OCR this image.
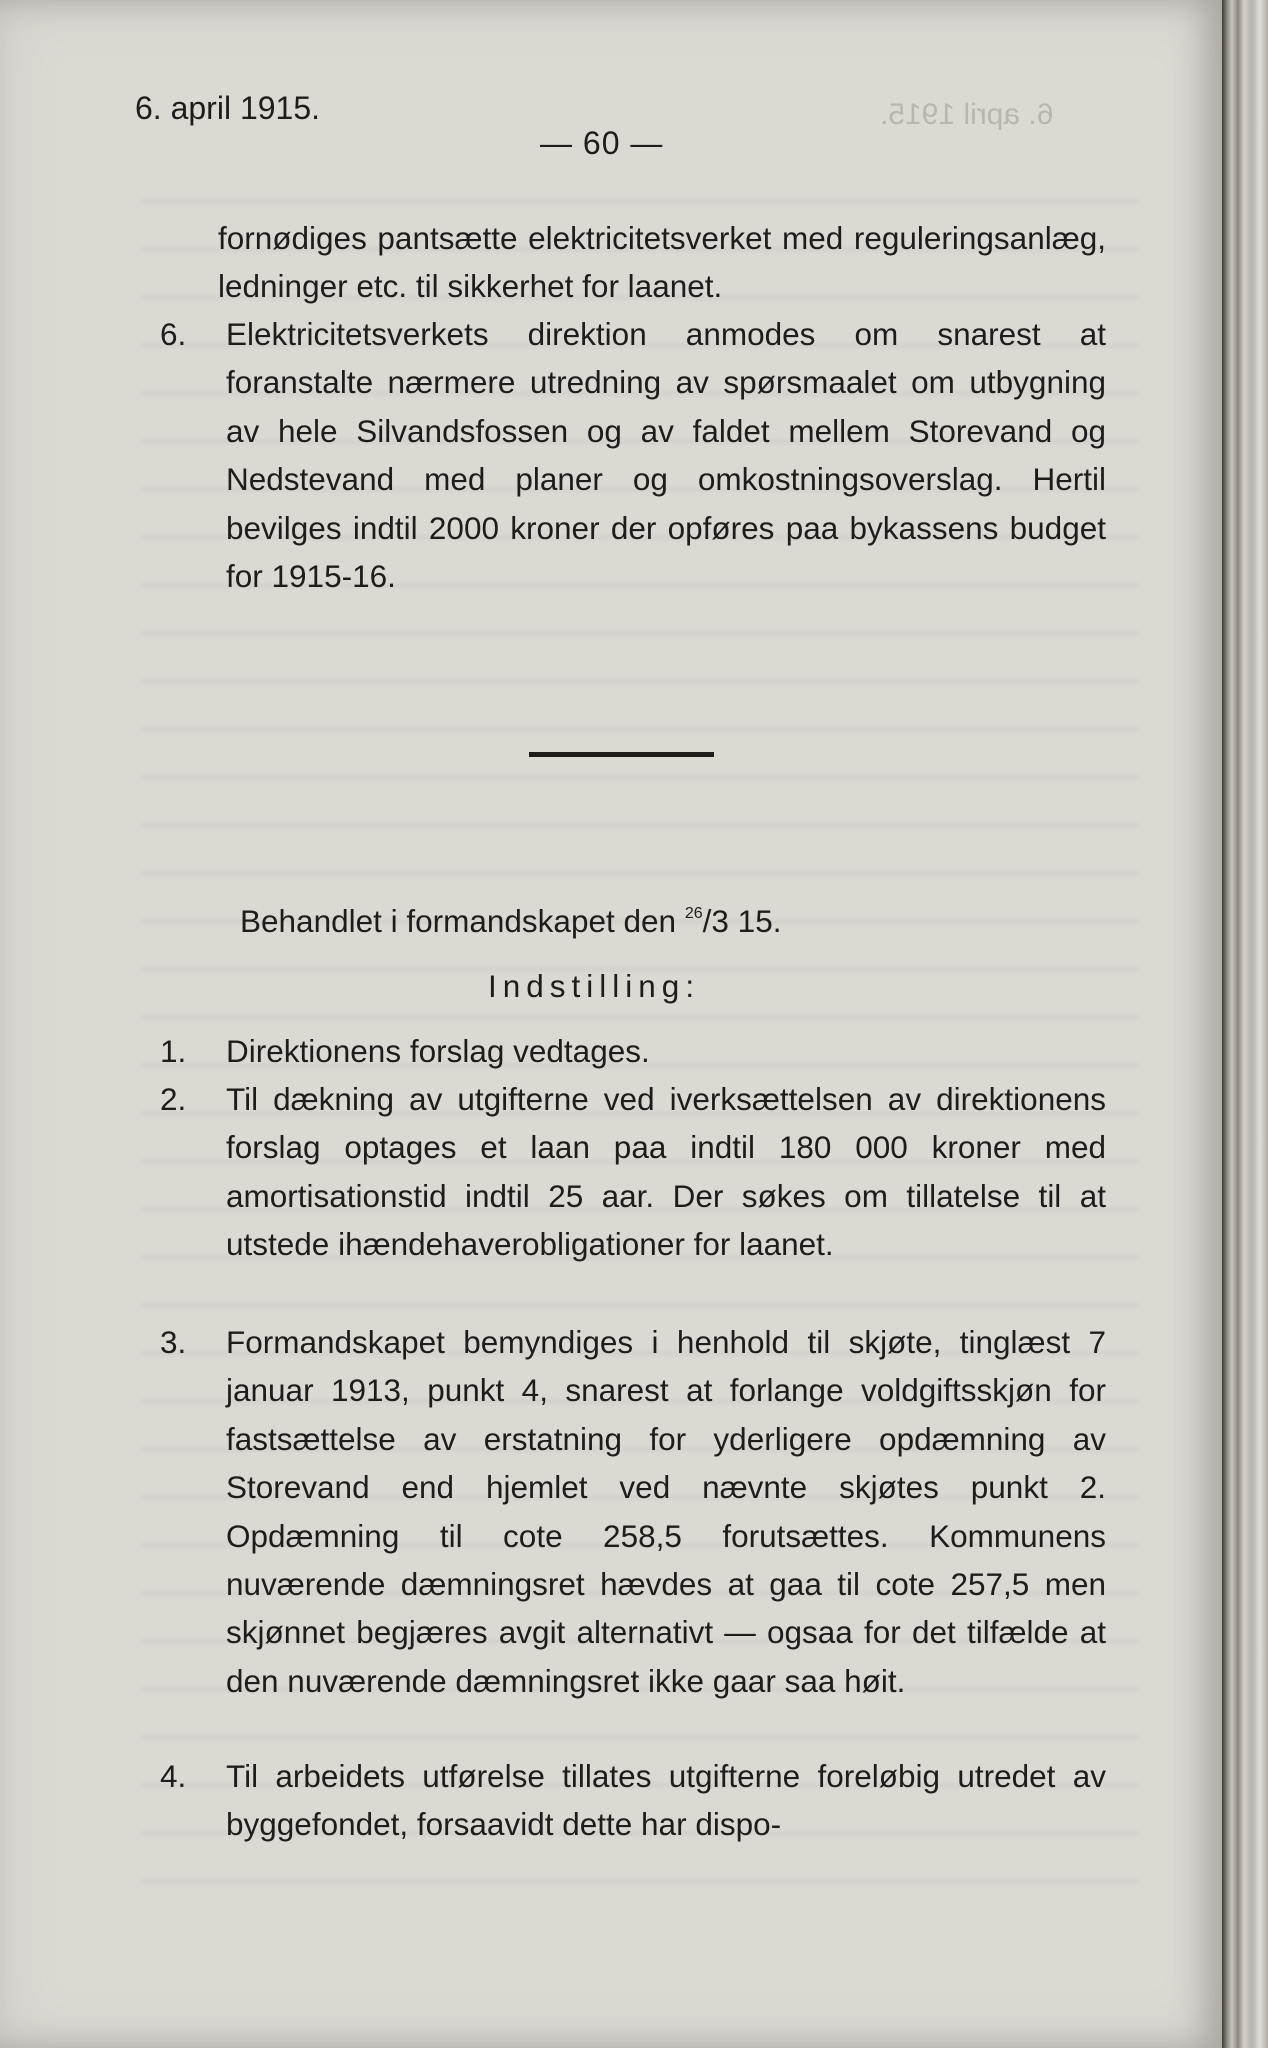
6. april 1915.
— 60 —
6. april 1915.
fornødiges pantsætte elektricitetsverket med reguleringsanlæg, ledninger etc. til sikkerhet for laanet.
6.	Elektricitetsverkets direktion anmodes om snarest at foranstalte nærmere utredning av spørsmaalet om utbygning av hele Silvandsfossen og av faldet mellem Storevand og Nedstevand med planer og omkostningsoverslag. Hertil bevilges indtil 2000 kroner der opføres paa bykassens budget for 1915-16.
Behandlet i formandskapet den $^{26}$/3 15.
Indstilling:
1.	Direktionens forslag vedtages.
2.	Til dækning av utgifterne ved iverksættelsen av direktionens forslag optages et laan paa indtil 180 000 kroner med amortisationstid indtil 25 aar. Der søkes om tillatelse til at utstede ihændehaverobligationer for laanet.
3.	Formandskapet bemyndiges i henhold til skjøte, tinglæst 7 januar 1913, punkt 4, snarest at forlange voldgiftsskjøn for fastsættelse av erstatning for yderligere opdæmning av Storevand end hjemlet ved nævnte skjøtes punkt 2. Opdæmning til cote 258,5 forutsættes. Kommunens nuværende dæmningsret hævdes at gaa til cote 257,5 men skjønnet begjæres avgit alternativt — ogsaa for det tilfælde at den nuværende dæmningsret ikke gaar saa høit.
4.	Til arbeidets utførelse tillates utgifterne foreløbig utredet av byggefondet, forsaavidt dette har dispo-
